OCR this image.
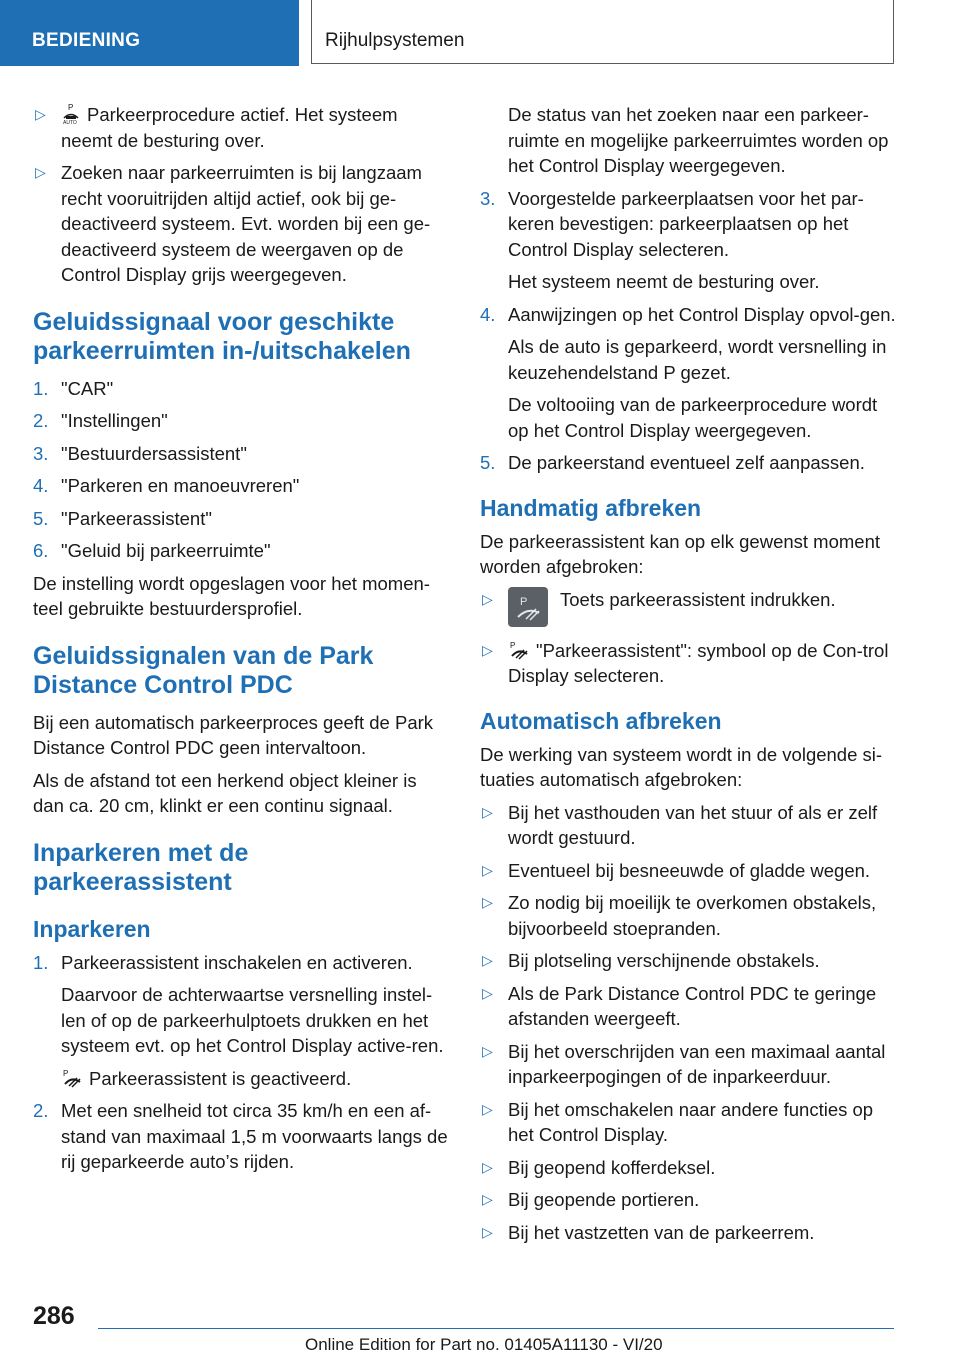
BEDIENING	Rijhulpsystemen
▷	P
AUTO Parkeerprocedure actief. Het systeem neemt de besturing over.
▷ Zoeken naar parkeerruimten is bij langzaam recht vooruitrijden altijd actief, ook bij ge-deactiveerd systeem. Evt. worden bij een ge-deactiveerd systeem de weergaven op de Control Display grijs weergegeven.
Geluidssignaal voor geschikte parkeerruimten in-/uitschakelen
1. "CAR"
2. "Instellingen"
3. "Bestuurdersassistent"
4. "Parkeren en manoeuvreren"
5. "Parkeerassistent"
6. "Geluid bij parkeerruimte"

De instelling wordt opgeslagen voor het momen-teel gebruikte bestuurdersprofiel.

Geluidssignalen van de Park Distance Control PDC

Bij een automatisch parkeerproces geeft de Park Distance Control PDC geen intervaltoon.

Als de afstand tot een herkend object kleiner is dan ca. 20 cm, klinkt er een continu signaal.

Inparkeren met de parkeerassistent
Inparkeren
1. Parkeerassistent inschakelen en activeren.
Daarvoor de achterwaartse versnelling instel-len of op de parkeerhulptoets drukken en het systeem evt. op het Control Display active-ren.
P Parkeerassistent is geactiveerd.
2. Met een snelheid tot circa 35 km/h en een af-stand van maximaal 1,5 m voorwaarts langs de rij geparkeerde auto’s rijden.
De status van het zoeken naar een parkeer-ruimte en mogelijke parkeerruimtes worden op het Control Display weergegeven.
3. Voorgestelde parkeerplaatsen voor het par-keren bevestigen: parkeerplaatsen op het Control Display selecteren.
Het systeem neemt de besturing over.
4. Aanwijzingen op het Control Display opvol-gen.
Als de auto is geparkeerd, wordt versnelling in keuzehendelstand P gezet.
De voltooiing van de parkeerprocedure wordt op het Control Display weergegeven.
5. De parkeerstand eventueel zelf aanpassen.
Handmatig afbreken

De parkeerassistent kan op elk gewenst moment worden afgebroken:

▷ P Toets parkeerassistent indrukken.
▷ P "Parkeerassistent": symbool op de Con-trol Display selecteren.
Automatisch afbreken

De werking van systeem wordt in de volgende si-tuaties automatisch afgebroken:

▷ Bij het vasthouden van het stuur of als er zelf wordt gestuurd.
▷ Eventueel bij besneeuwde of gladde wegen.
▷ Zo nodig bij moeilijk te overkomen obstakels, bijvoorbeeld stoepranden.
▷ Bij plotseling verschijnende obstakels.
▷ Als de Park Distance Control PDC te geringe afstanden weergeeft.
▷ Bij het overschrijden van een maximaal aantal inparkeerpogingen of de inparkeerduur.
▷ Bij het omschakelen naar andere functies op het Control Display.
▷ Bij geopend kofferdeksel.
▷ Bij geopende portieren.
▷ Bij het vastzetten van de parkeerrem.
286
Online Edition for Part no. 01405A11130 - VI/20
